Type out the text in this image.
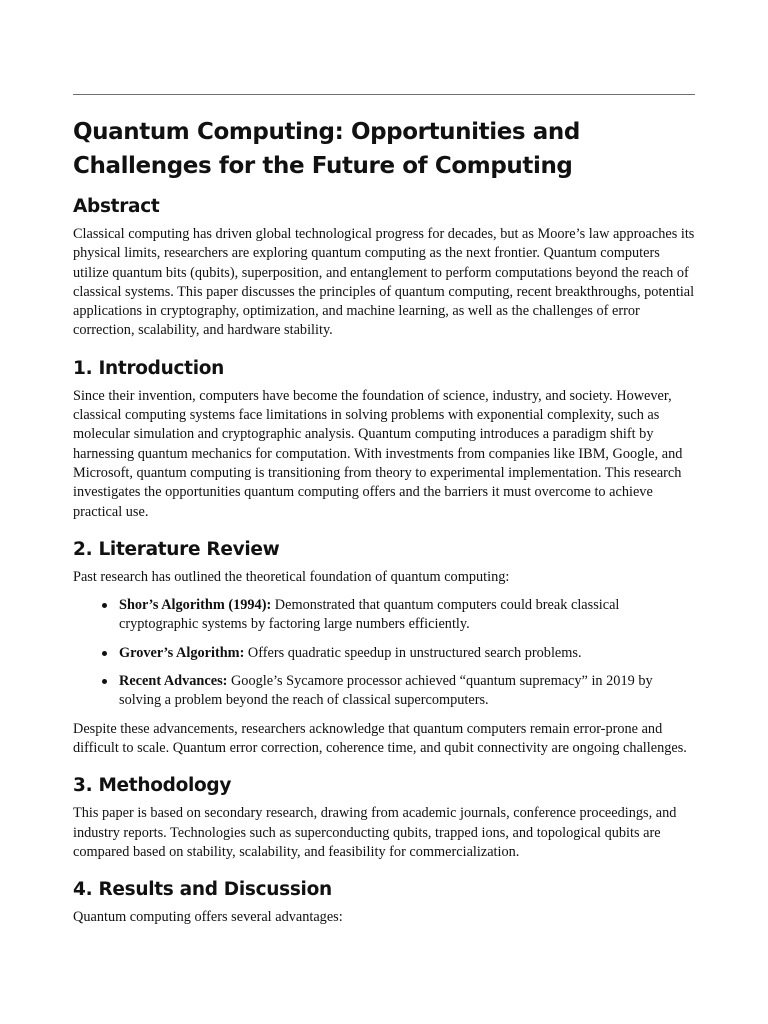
Quantum Computing: Opportunities and Challenges for the Future of Computing
Abstract

Classical computing has driven global technological progress for decades, but as Moore’s law approaches its physical limits, researchers are exploring quantum computing as the next frontier. Quantum computers utilize quantum bits (qubits), superposition, and entanglement to perform computations beyond the reach of classical systems. This paper discusses the principles of quantum computing, recent breakthroughs, potential applications in cryptography, optimization, and machine learning, as well as the challenges of error correction, scalability, and hardware stability.

1. Introduction

Since their invention, computers have become the foundation of science, industry, and society. However, classical computing systems face limitations in solving problems with exponential complexity, such as molecular simulation and cryptographic analysis. Quantum computing introduces a paradigm shift by harnessing quantum mechanics for computation. With investments from companies like IBM, Google, and Microsoft, quantum computing is transitioning from theory to experimental implementation. This research investigates the opportunities quantum computing offers and the barriers it must overcome to achieve practical use.

2. Literature Review

Past research has outlined the theoretical foundation of quantum computing:

Shor’s Algorithm (1994): Demonstrated that quantum computers could break classical cryptographic systems by factoring large numbers efficiently.
Grover’s Algorithm: Offers quadratic speedup in unstructured search problems.
Recent Advances: Google’s Sycamore processor achieved “quantum supremacy” in 2019 by solving a problem beyond the reach of classical supercomputers.

Despite these advancements, researchers acknowledge that quantum computers remain error-prone and difficult to scale. Quantum error correction, coherence time, and qubit connectivity are ongoing challenges.

3. Methodology

This paper is based on secondary research, drawing from academic journals, conference proceedings, and industry reports. Technologies such as superconducting qubits, trapped ions, and topological qubits are compared based on stability, scalability, and feasibility for commercialization.

4. Results and Discussion

Quantum computing offers several advantages:
